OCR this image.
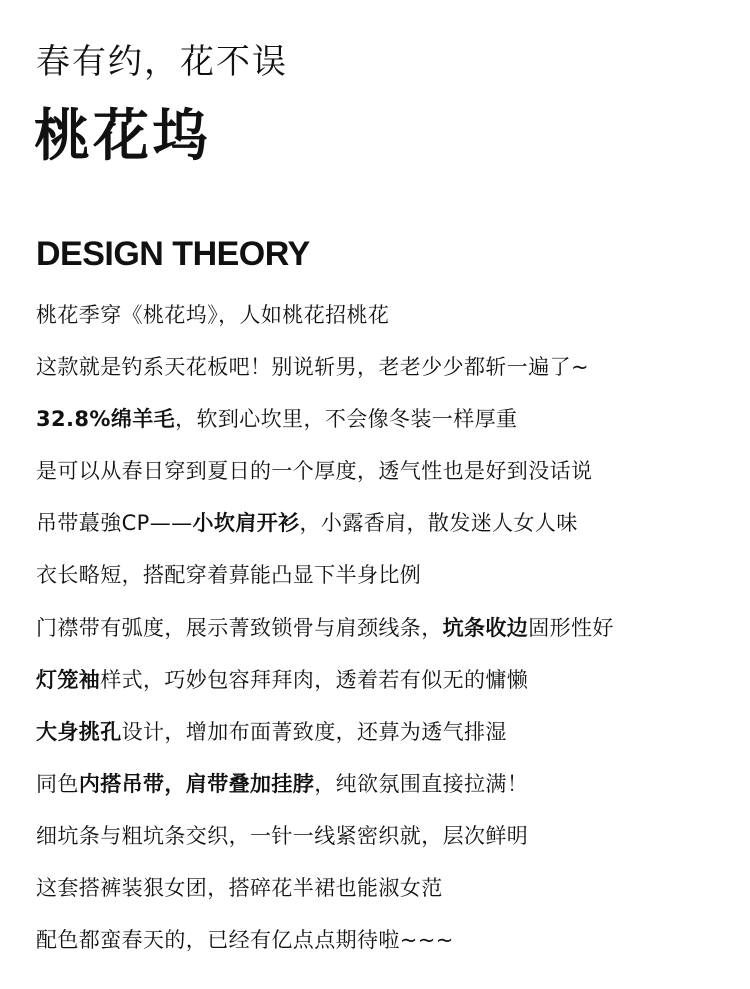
春有约，花不误
桃花坞
DESIGN THEORY
桃花季穿《桃花坞》，人如桃花招桃花
这款就是钓系天花板吧！别说斩男，老老少少都斩一遍了~
32.8%绵羊毛，软到心坎里，不会像冬装一样厚重
是可以从春日穿到夏日的一个厚度，透气性也是好到没话说
吊带蕞強CP——小坎肩开衫，小露香肩，散发迷人女人味
衣长略短，搭配穿着萛能凸显下半身比例
门襟带有弧度，展示菁致锁骨与肩颈线条，坑条收边固形性好
灯笼袖样式，巧妙包容拜拜肉，透着若有似无的慵懒
大身挑孔设计，增加布面菁致度，还萛为透气排湿
同色内搭吊带，肩带叠加挂脖，纯欲氛围直接拉满！
细坑条与粗坑条交织，一针一线紧密织就，层次鲜明
这套搭裤装狠女团，搭碎花半裙也能淑女范
配色都蛮春天的，已经有亿点点期待啦~~~
